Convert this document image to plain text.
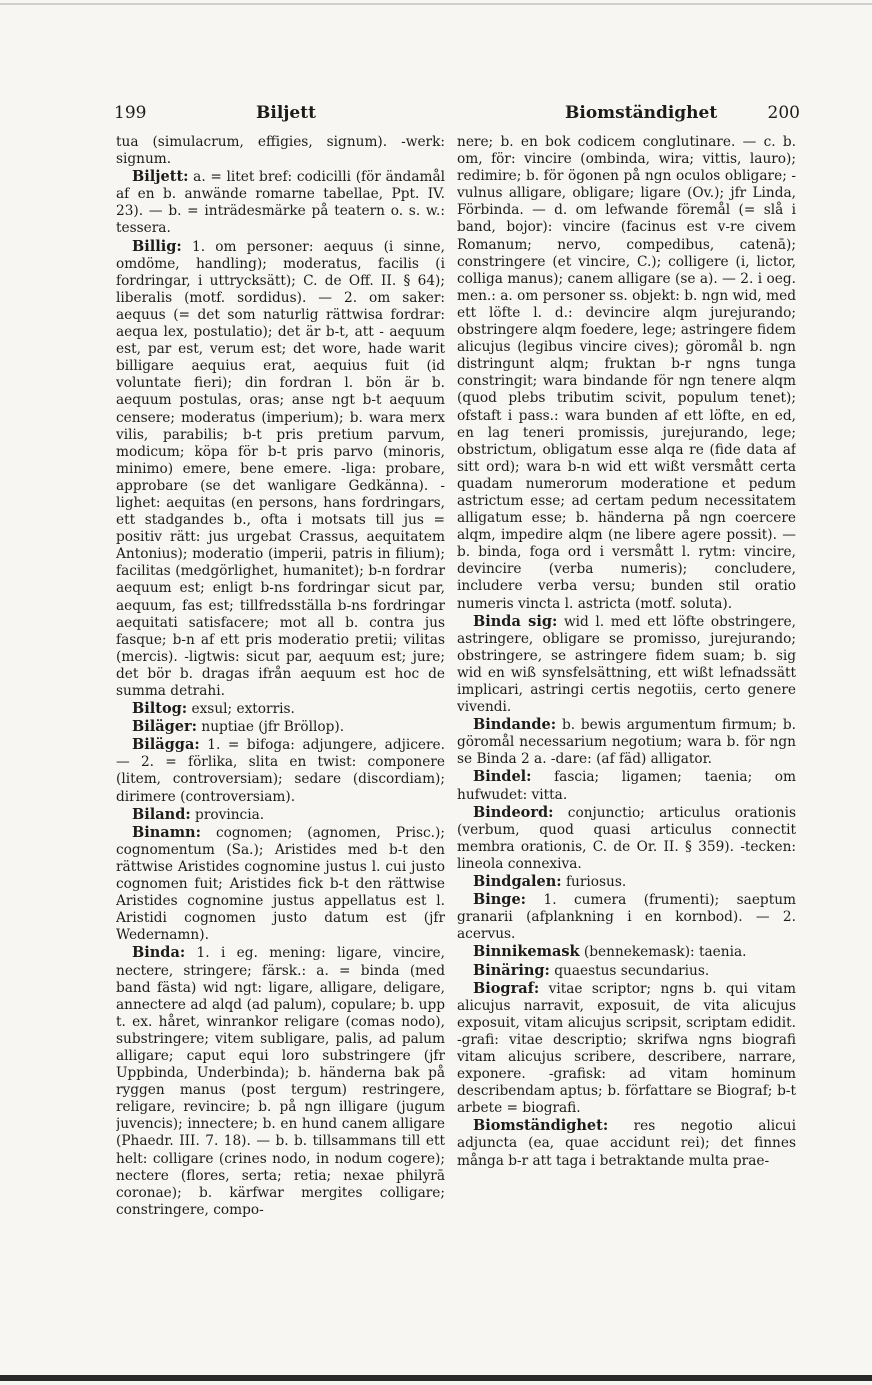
199	Biljett	Biomständighet	200

tua (simulacrum, effigies, signum). -werk: signum.

Biljett: a. = litet bref: codicilli (för ändamål af en b. anwände romarne tabellae, Ppt. IV. 23). — b. = inträdesmärke på teatern o. s. w.: tessera.

Billig: 1. om personer: aequus (i sinne, omdöme, handling); moderatus, facilis (i fordringar, i uttrycksätt); C. de Off. II. § 64); liberalis (motf. sordidus). — 2. om saker: aequus (= det som naturlig rättwisa fordrar: aequa lex, postulatio); det är b-t, att - aequum est, par est, verum est; det wore, hade warit billigare aequius erat, aequius fuit (id voluntate fieri); din fordran l. bön är b. aequum postulas, oras; anse ngt b-t aequum censere; moderatus (imperium); b. wara merx vilis, parabilis; b-t pris pretium parvum, modicum; köpa för b-t pris parvo (minoris, minimo) emere, bene emere. -liga: probare, approbare (se det wanligare Gedkänna). -lighet: aequitas (en persons, hans fordringars, ett stadgandes b., ofta i motsats till jus = positiv rätt: jus urgebat Crassus, aequitatem Antonius); moderatio (imperii, patris in filium); facilitas (medgörlighet, humanitet); b-n fordrar aequum est; enligt b-ns fordringar sicut par, aequum, fas est; tillfredsställa b-ns fordringar aequitati satisfacere; mot all b. contra jus fasque; b-n af ett pris moderatio pretii; vilitas (mercis). -ligtwis: sicut par, aequum est; jure; det bör b. dragas ifrån aequum est hoc de summa detrahi.

Biltog: exsul; extorris.

Biläger: nuptiae (jfr Bröllop).

Bilägga: 1. = bifoga: adjungere, adjicere. — 2. = förlika, slita en twist: componere (litem, controversiam); sedare (discordiam); dirimere (controversiam).

Biland: provincia.

Binamn: cognomen; (agnomen, Prisc.); cognomentum (Sa.); Aristides med b-t den rättwise Aristides cognomine justus l. cui justo cognomen fuit; Aristides fick b-t den rättwise Aristides cognomine justus appellatus est l. Aristidi cognomen justo datum est (jfr Wedernamn).

Binda: 1. i eg. mening: ligare, vincire, nectere, stringere; färsk.: a. = binda (med band fästa) wid ngt: ligare, alligare, deligare, annectere ad alqd (ad palum), copulare; b. upp t. ex. håret, winrankor religare (comas nodo), substringere; vitem subligare, palis, ad palum alligare; caput equi loro substringere (jfr Uppbinda, Underbinda); b. händerna bak på ryggen manus (post tergum) restringere, religare, revincire; b. på ngn illigare (jugum juvencis); innectere; b. en hund canem alligare (Phaedr. III. 7. 18). — b. b. tillsammans till ett helt: colligare (crines nodo, in nodum cogere); nectere (flores, serta; retia; nexae philyrā coronae); b. kärfwar mergites colligare; constringere, compo-

nere; b. en bok codicem conglutinare. — c. b. om, för: vincire (ombinda, wira; vittis, lauro); redimire; b. för ögonen på ngn oculos obligare; - vulnus alligare, obligare; ligare (Ov.); jfr Linda, Förbinda. — d. om lefwande föremål (= slå i band, bojor): vincire (facinus est v-re civem Romanum; nervo, compedibus, catenā); constringere (et vincire, C.); colligere (i, lictor, colliga manus); canem alligare (se a). — 2. i oeg. men.: a. om personer ss. objekt: b. ngn wid, med ett löfte l. d.: devincire alqm jurejurando; obstringere alqm foedere, lege; astringere fidem alicujus (legibus vincire cives); göromål b. ngn distringunt alqm; fruktan b-r ngns tunga constringit; wara bindande för ngn tenere alqm (quod plebs tributim scivit, populum tenet); ofstaft i pass.: wara bunden af ett löfte, en ed, en lag teneri promissis, jurejurando, lege; obstrictum, obligatum esse alqa re (fide data af sitt ord); wara b-n wid ett wißt versmått certa quadam numerorum moderatione et pedum astrictum esse; ad certam pedum necessitatem alligatum esse; b. händerna på ngn coercere alqm, impedire alqm (ne libere agere possit). — b. binda, foga ord i versmått l. rytm: vincire, devincire (verba numeris); concludere, includere verba versu; bunden stil oratio numeris vincta l. astricta (motf. soluta).

Binda sig: wid l. med ett löfte obstringere, astringere, obligare se promisso, jurejurando; obstringere, se astringere fidem suam; b. sig wid en wiß synsfelsättning, ett wißt lefnadssätt implicari, astringi certis negotiis, certo genere vivendi.

Bindande: b. bewis argumentum firmum; b. göromål necessarium negotium; wara b. för ngn se Binda 2 a. -dare: (af fäd) alligator.

Bindel: fascia; ligamen; taenia; om hufwudet: vitta.

Bindeord: conjunctio; articulus orationis (verbum, quod quasi articulus connectit membra orationis, C. de Or. II. § 359). -tecken: lineola connexiva.

Bindgalen: furiosus.

Binge: 1. cumera (frumenti); saeptum granarii (afplankning i en kornbod). — 2. acervus.

Binnikemask (bennekemask): taenia.

Binäring: quaestus secundarius.

Biograf: vitae scriptor; ngns b. qui vitam alicujus narravit, exposuit, de vita alicujus exposuit, vitam alicujus scripsit, scriptam edidit. -grafi: vitae descriptio; skrifwa ngns biografi vitam alicujus scribere, describere, narrare, exponere. -grafisk: ad vitam hominum describendam aptus; b. författare se Biograf; b-t arbete = biografi.

Biomständighet: res negotio alicui adjuncta (ea, quae accidunt rei); det finnes många b-r att taga i betraktande multa prae-
